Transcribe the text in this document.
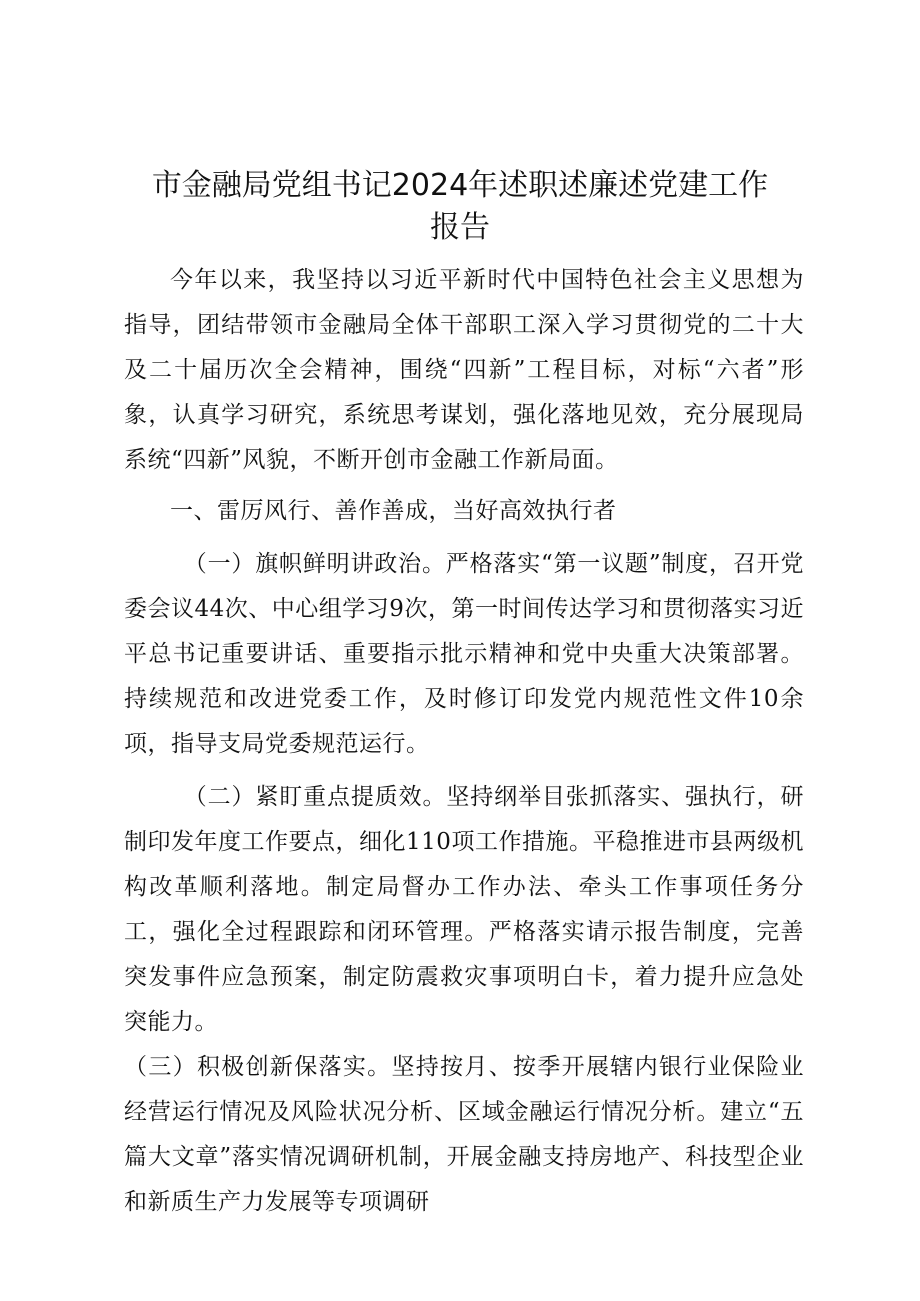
市金融局党组书记2024年述职述廉述党建工作
报告

今年以来，我坚持以习近平新时代中国特色社会主义思想为指导，团结带领市金融局全体干部职工深入学习贯彻党的二十大及二十届历次全会精神，围绕“四新”工程目标，对标“六者”形象，认真学习研究，系统思考谋划，强化落地见效，充分展现局系统“四新”风貌，不断开创市金融工作新局面。

一、雷厉风行、善作善成，当好高效执行者

（一）旗帜鲜明讲政治。严格落实“第一议题”制度，召开党委会议44次、中心组学习9次，第一时间传达学习和贯彻落实习近平总书记重要讲话、重要指示批示精神和党中央重大决策部署。持续规范和改进党委工作，及时修订印发党内规范性文件10余项，指导支局党委规范运行。

（二）紧盯重点提质效。坚持纲举目张抓落实、强执行，研制印发年度工作要点，细化110项工作措施。平稳推进市县两级机构改革顺利落地。制定局督办工作办法、牵头工作事项任务分工，强化全过程跟踪和闭环管理。严格落实请示报告制度，完善突发事件应急预案，制定防震救灾事项明白卡，着力提升应急处突能力。

（三）积极创新保落实。坚持按月、按季开展辖内银行业保险业经营运行情况及风险状况分析、区域金融运行情况分析。建立“五篇大文章”落实情况调研机制，开展金融支持房地产、科技型企业和新质生产力发展等专项调研
